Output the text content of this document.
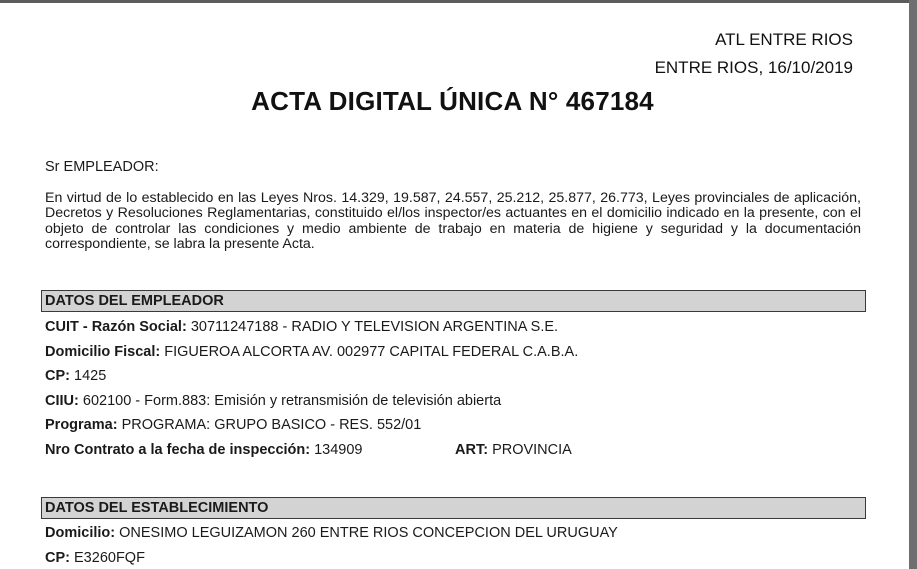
ATL ENTRE RIOS
ENTRE RIOS, 16/10/2019
ACTA DIGITAL ÚNICA N° 467184
Sr EMPLEADOR:
En virtud de lo establecido en las Leyes Nros. 14.329, 19.587, 24.557, 25.212, 25.877, 26.773, Leyes provinciales de aplicación, Decretos y Resoluciones Reglamentarias, constituido el/los inspector/es actuantes en el domicilio indicado en la presente, con el objeto de controlar las condiciones y medio ambiente de trabajo en materia de higiene y seguridad y la documentación correspondiente, se labra la presente Acta.
DATOS DEL EMPLEADOR
CUIT - Razón Social: 30711247188 - RADIO Y TELEVISION ARGENTINA S.E.
Domicilio Fiscal: FIGUEROA ALCORTA AV. 002977 CAPITAL FEDERAL C.A.B.A.
CP: 1425
CIIU: 602100 - Form.883: Emisión y retransmisión de televisión abierta
Programa: PROGRAMA: GRUPO BASICO - RES. 552/01
Nro Contrato a la fecha de inspección: 134909	ART: PROVINCIA
DATOS DEL ESTABLECIMIENTO
Domicilio: ONESIMO LEGUIZAMON 260 ENTRE RIOS CONCEPCION DEL URUGUAY
CP: E3260FQF
